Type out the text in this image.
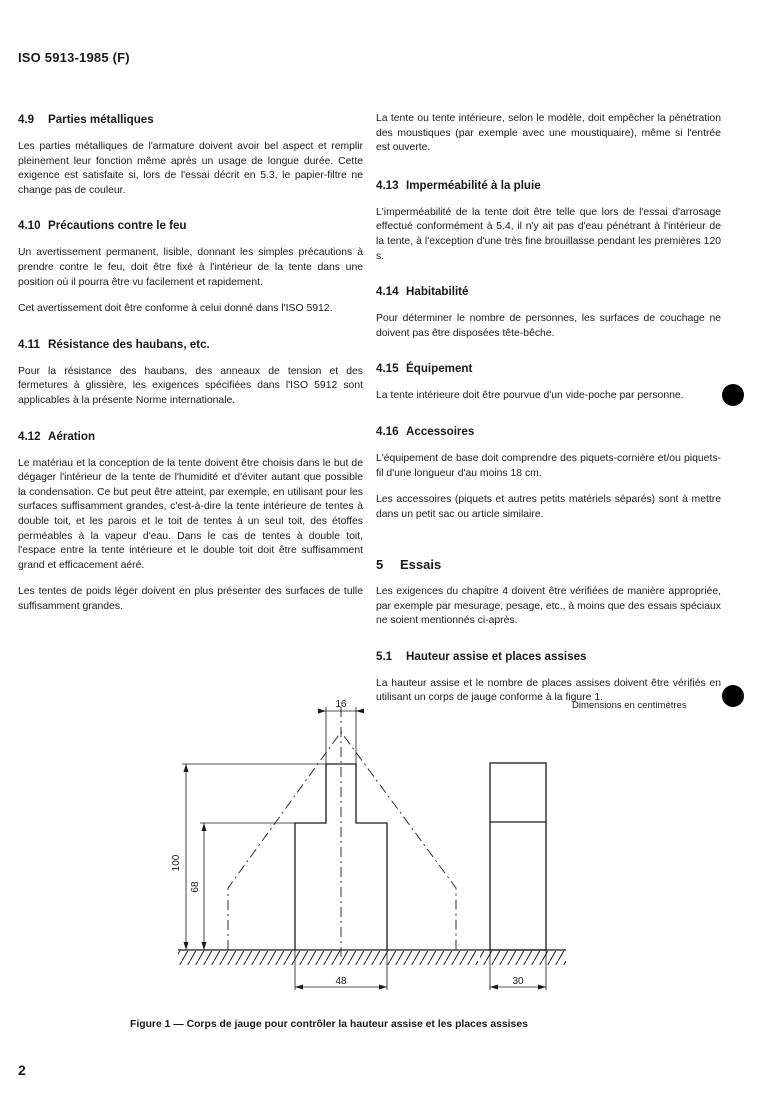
ISO 5913-1985 (F)
4.9 Parties métalliques

Les parties métalliques de l'armature doivent avoir bel aspect et remplir pleinement leur fonction même après un usage de longue durée. Cette exigence est satisfaite si, lors de l'essai décrit en 5.3, le papier-filtre ne change pas de couleur.

4.10 Précautions contre le feu

Un avertissement permanent, lisible, donnant les simples précautions à prendre contre le feu, doit être fixé à l'intérieur de la tente dans une position où il pourra être vu facilement et rapidement.

Cet avertissement doit être conforme à celui donné dans l'ISO 5912.

4.11 Résistance des haubans, etc.

Pour la résistance des haubans, des anneaux de tension et des fermetures à glissière, les exigences spécifiées dans l'ISO 5912 sont applicables à la présente Norme internationale.

4.12 Aération

Le matériau et la conception de la tente doivent être choisis dans le but de dégager l'intérieur de la tente de l'humidité et d'éviter autant que possible la condensation. Ce but peut être atteint, par exemple, en utilisant pour les surfaces suffisamment grandes, c'est-à-dire la tente intérieure de tentes à double toit, et les parois et le toit de tentes à un seul toit, des étoffes perméables à la vapeur d'eau. Dans le cas de tentes à double toit, l'espace entre la tente intérieure et le double toit doit être suffisamment grand et efficacement aéré.

Les tentes de poids léger doivent en plus présenter des surfaces de tulle suffisamment grandes.

La tente ou tente intérieure, selon le modèle, doit empêcher la pénétration des moustiques (par exemple avec une moustiquaire), même si l'entrée est ouverte.

4.13 Imperméabilité à la pluie

L'imperméabilité de la tente doit être telle que lors de l'essai d'arrosage effectué conformément à 5.4, il n'y ait pas d'eau pénétrant à l'intérieur de la tente, à l'exception d'une très fine brouillasse pendant les premières 120 s.

4.14 Habitabilité

Pour déterminer le nombre de personnes, les surfaces de couchage ne doivent pas être disposées tête-bêche.

4.15 Équipement

La tente intérieure doit être pourvue d'un vide-poche par personne.

4.16 Accessoires

L'équipement de base doit comprendre des piquets-cornière et/ou piquets-fil d'une longueur d'au moins 18 cm.

Les accessoires (piquets et autres petits matériels séparés) sont à mettre dans un petit sac ou article similaire.

5 Essais

Les exigences du chapitre 4 doivent être vérifiées de manière appropriée, par exemple par mesurage, pesage, etc., à moins que des essais spéciaux ne soient mentionnés ci-après.

5.1 Hauteur assise et places assises

La hauteur assise et le nombre de places assises doivent être vérifiés en utilisant un corps de jauge conforme à la figure 1.

Dimensions en centimètres
16
100
68
48	30
Figure 1 — Corps de jauge pour contrôler la hauteur assise et les places assises
2
